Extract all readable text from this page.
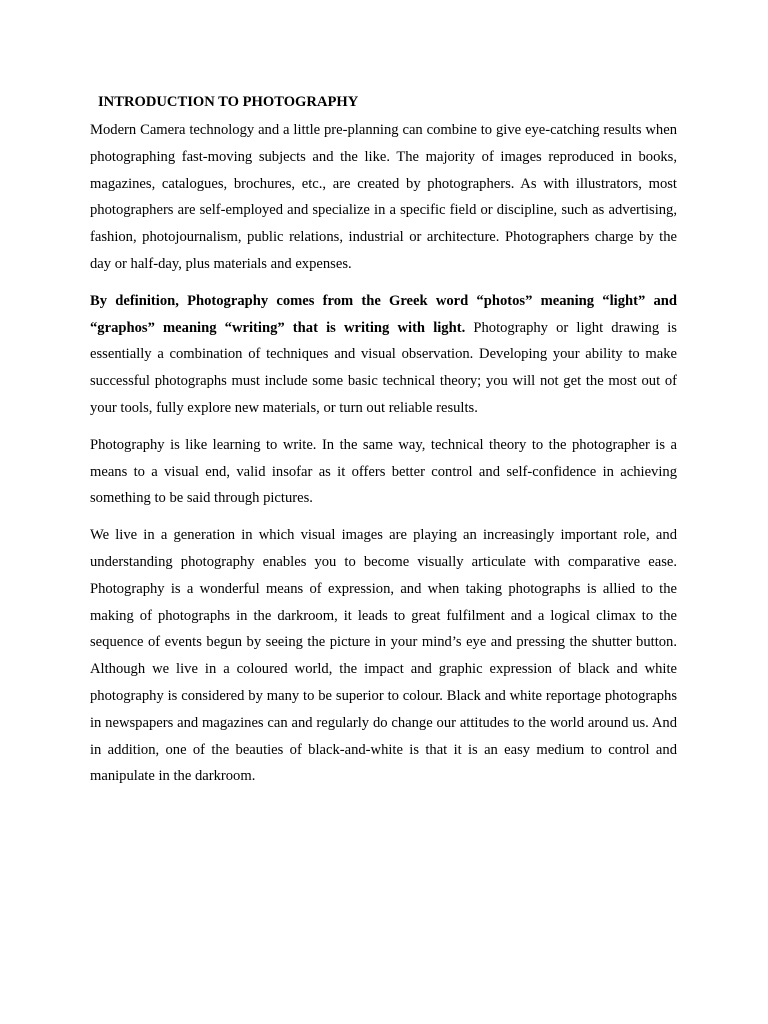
INTRODUCTION TO PHOTOGRAPHY

Modern Camera technology and a little pre-planning can combine to give eye-catching results when photographing fast-moving subjects and the like. The majority of images reproduced in books, magazines, catalogues, brochures, etc., are created by photographers. As with illustrators, most photographers are self-employed and specialize in a specific field or discipline, such as advertising, fashion, photojournalism, public relations, industrial or architecture. Photographers charge by the day or half-day, plus materials and expenses.

By definition, Photography comes from the Greek word “photos” meaning “light” and “graphos” meaning “writing” that is writing with light. Photography or light drawing is essentially a combination of techniques and visual observation. Developing your ability to make successful photographs must include some basic technical theory; you will not get the most out of your tools, fully explore new materials, or turn out reliable results.

Photography is like learning to write. In the same way, technical theory to the photographer is a means to a visual end, valid insofar as it offers better control and self-confidence in achieving something to be said through pictures.

We live in a generation in which visual images are playing an increasingly important role, and understanding photography enables you to become visually articulate with comparative ease. Photography is a wonderful means of expression, and when taking photographs is allied to the making of photographs in the darkroom, it leads to great fulfilment and a logical climax to the sequence of events begun by seeing the picture in your mind’s eye and pressing the shutter button. Although we live in a coloured world, the impact and graphic expression of black and white photography is considered by many to be superior to colour. Black and white reportage photographs in newspapers and magazines can and regularly do change our attitudes to the world around us. And in addition, one of the beauties of black-and-white is that it is an easy medium to control and manipulate in the darkroom.
